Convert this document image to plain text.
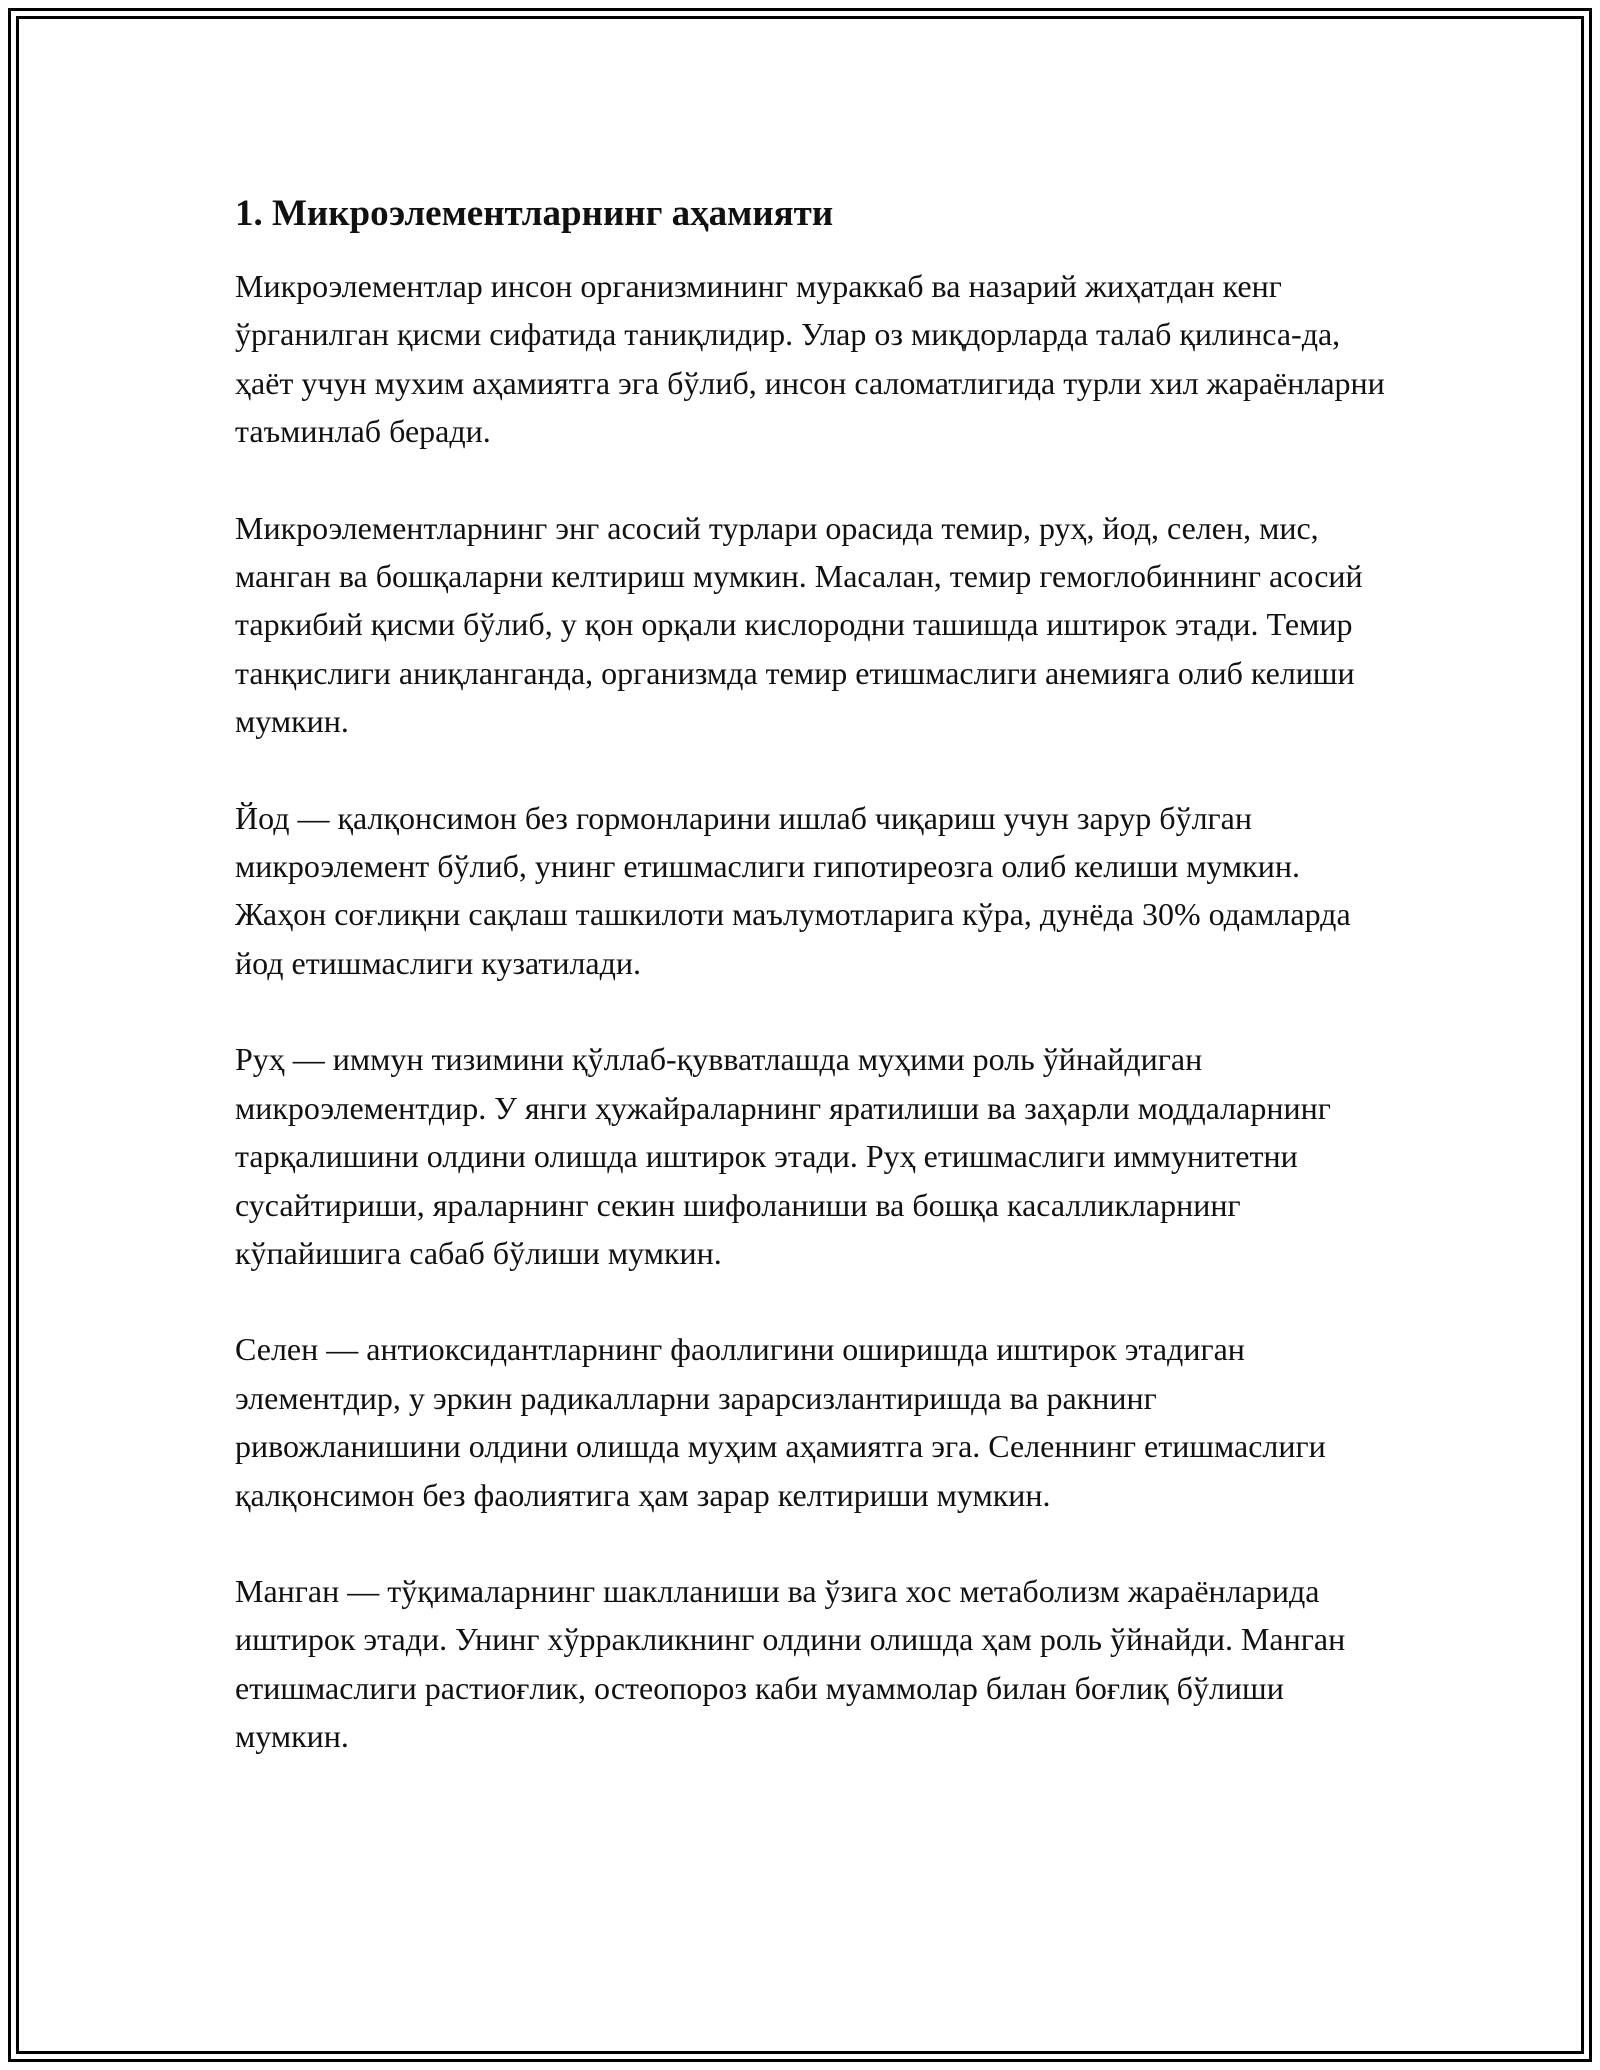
1. Микроэлементларнинг аҳамияти

Микроэлементлар инсон организмининг мураккаб ва назарий жиҳатдан кенг ўрганилган қисми сифатида таниқлидир. Улар оз миқдорларда талаб қилинса-да, ҳаёт учун мухим аҳамиятга эга бўлиб, инсон саломатлигида турли хил жараёнларни таъминлаб беради.

Микроэлементларнинг энг асосий турлари орасида темир, руҳ, йод, селен, мис, манган ва бошқаларни келтириш мумкин. Масалан, темир гемоглобиннинг асосий таркибий қисми бўлиб, у қон орқали кислородни ташишда иштирок этади. Темир танқислиги аниқланганда, организмда темир етишмаслиги анемияга олиб келиши мумкин.

Йод — қалқонсимон без гормонларини ишлаб чиқариш учун зарур бўлган микроэлемент бўлиб, унинг етишмаслиги гипотиреозга олиб келиши мумкин. Жаҳон соғлиқни сақлаш ташкилоти маълумотларига кўра, дунёда 30% одамларда йод етишмаслиги кузатилади.

Руҳ — иммун тизимини қўллаб-қувватлашда муҳими роль ўйнайдиган микроэлементдир. У янги ҳужайраларнинг яратилиши ва заҳарли моддаларнинг тарқалишини олдини олишда иштирок этади. Руҳ етишмаслиги иммунитетни сусайтириши, яраларнинг секин шифоланиши ва бошқа касалликларнинг кўпайишига сабаб бўлиши мумкин.

Селен — антиоксидантларнинг фаоллигини оширишда иштирок этадиган элементдир, у эркин радикалларни зарарсизлантиришда ва ракнинг ривожланишини олдини олишда муҳим аҳамиятга эга. Селеннинг етишмаслиги қалқонсимон без фаолиятига ҳам зарар келтириши мумкин.

Манган — тўқималарнинг шаклланиши ва ўзига хос метаболизм жараёнларида иштирок этади. Унинг хўрракликнинг олдини олишда ҳам роль ўйнайди. Манган етишмаслиги растиоғлик, остеопороз каби муаммолар билан боғлиқ бўлиши мумкин.
